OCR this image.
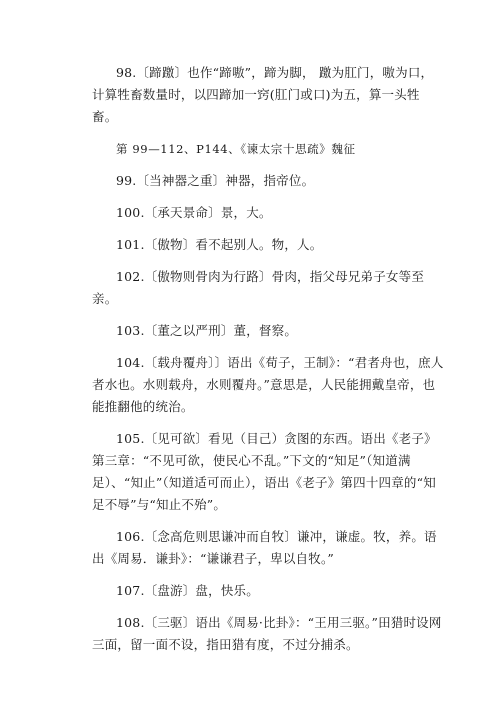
98.〔蹄躈〕也作“蹄嗷”，蹄为脚， 躈为肛门，嗷为口，计算牲畜数量时，以四蹄加一窍(肛门或口)为五，算一头牲畜。

第 99—112、P144、《谏太宗十思疏》魏征

99.〔当神器之重〕神器，指帝位。

100.〔承天景命〕景，大。

101.〔傲物〕看不起别人。物，人。

102.〔傲物则骨肉为行路〕骨肉，指父母兄弟子女等至亲。

103.〔董之以严刑〕董，督察。

104.〔载舟覆舟〕〕语出《荀子，王制》：“君者舟也，庶人者水也。水则载舟，水则覆舟。”意思是，人民能拥戴皇帝，也能推翻他的统治。

105.〔见可欲〕看见（目己）贪图的东西。语出《老子》第三章：“不见可欲，使民心不乱。”下文的“知足”（知道满足）、“知止”（知道适可而止），语出《老子》第四十四章的“知足不辱”与“知止不殆”。

106.〔念高危则思谦冲而自牧〕谦冲，谦虚。牧，养。语出《周易．谦卦》：“谦谦君子，卑以自牧。”

107.〔盘游〕盘，快乐。

108.〔三驱〕语出《周易·比卦》：“王用三驱。”田猎时设网三面，留一面不设，指田猎有度，不过分捕杀。
